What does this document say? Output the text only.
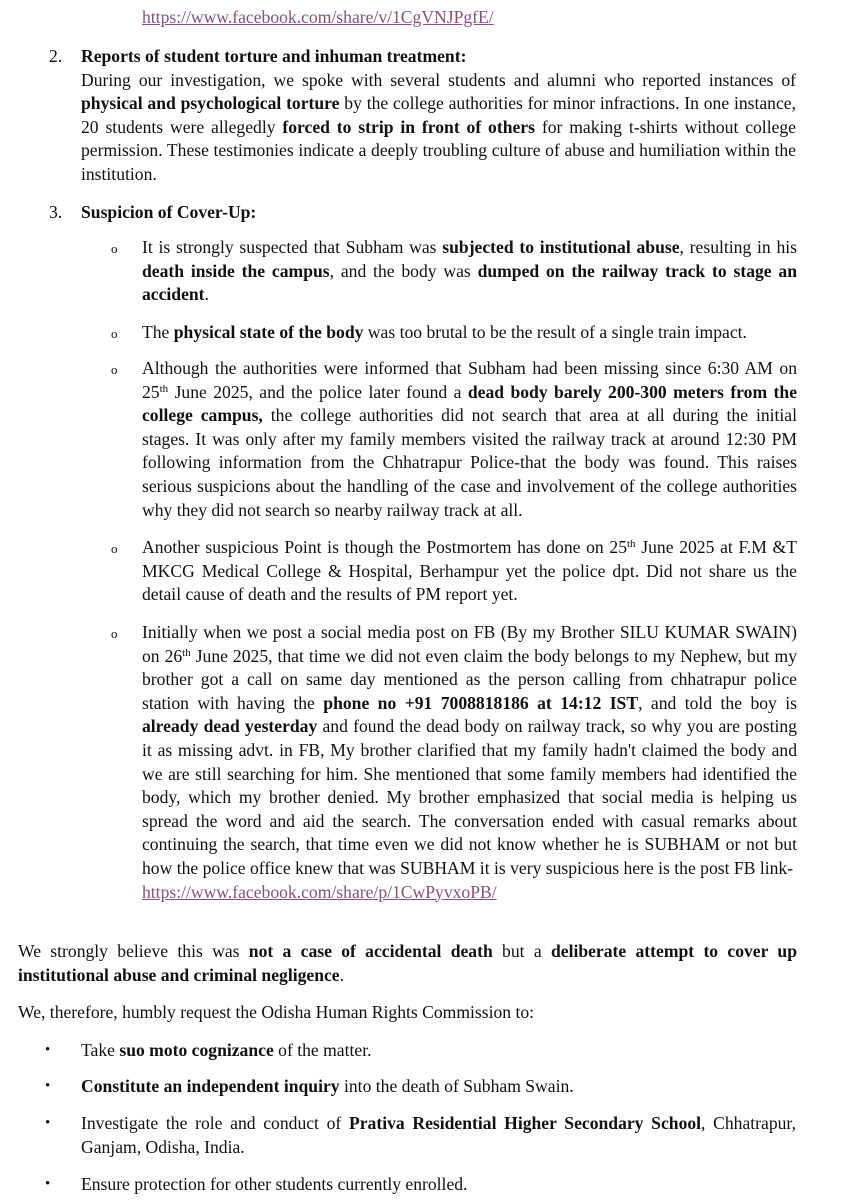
https://www.facebook.com/share/v/1CgVNJPgfE/
2. Reports of student torture and inhuman treatment:
During our investigation, we spoke with several students and alumni who reported instances of physical and psychological torture by the college authorities for minor infractions. In one instance, 20 students were allegedly forced to strip in front of others for making t-shirts without college permission. These testimonies indicate a deeply troubling culture of abuse and humiliation within the institution.
3. Suspicion of Cover-Up:
o It is strongly suspected that Subham was subjected to institutional abuse, resulting in his death inside the campus, and the body was dumped on the railway track to stage an accident.
o The physical state of the body was too brutal to be the result of a single train impact.
o Although the authorities were informed that Subham had been missing since 6:30 AM on 25th June 2025, and the police later found a dead body barely 200-300 meters from the college campus, the college authorities did not search that area at all during the initial stages. It was only after my family members visited the railway track at around 12:30 PM following information from the Chhatrapur Police-that the body was found. This raises serious suspicions about the handling of the case and involvement of the college authorities why they did not search so nearby railway track at all.
o Another suspicious Point is though the Postmortem has done on 25th June 2025 at F.M &T MKCG Medical College & Hospital, Berhampur yet the police dpt. Did not share us the detail cause of death and the results of PM report yet.
o Initially when we post a social media post on FB (By my Brother SILU KUMAR SWAIN) on 26th June 2025, that time we did not even claim the body belongs to my Nephew, but my brother got a call on same day mentioned as the person calling from chhatrapur police station with having the phone no +91 7008818186 at 14:12 IST, and told the boy is already dead yesterday and found the dead body on railway track, so why you are posting it as missing advt. in FB, My brother clarified that my family hadn't claimed the body and we are still searching for him. She mentioned that some family members had identified the body, which my brother denied. My brother emphasized that social media is helping us spread the word and aid the search. The conversation ended with casual remarks about continuing the search, that time even we did not know whether he is SUBHAM or not but how the police office knew that was SUBHAM it is very suspicious here is the post FB link-
https://www.facebook.com/share/p/1CwPyvxoPB/
We strongly believe this was not a case of accidental death but a deliberate attempt to cover up institutional abuse and criminal negligence.
We, therefore, humbly request the Odisha Human Rights Commission to:
• Take suo moto cognizance of the matter.
• Constitute an independent inquiry into the death of Subham Swain.
• Investigate the role and conduct of Prativa Residential Higher Secondary School, Chhatrapur, Ganjam, Odisha, India.
• Ensure protection for other students currently enrolled.
